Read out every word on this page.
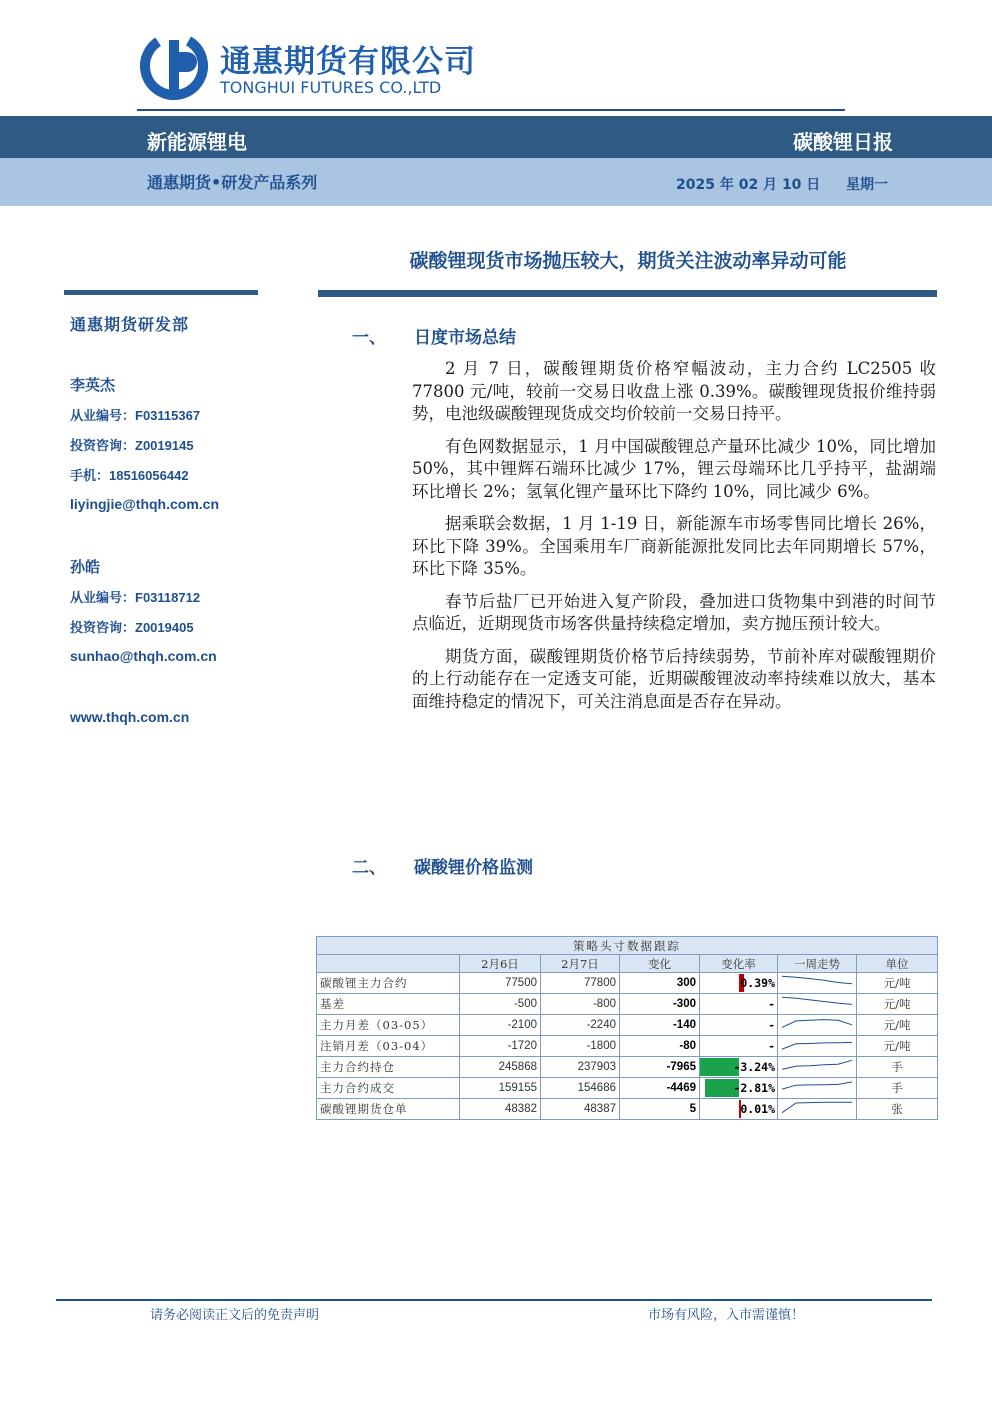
通惠期货有限公司
TONGHUI FUTURES CO.,LTD
新能源锂电	碳酸锂日报
通惠期货•研发产品系列	2025 年 02 月 10 日 星期一
碳酸锂现货市场抛压较大，期货关注波动率异动可能
通惠期货研发部
李英杰
从业编号：F03115367
投资咨询：Z0019145
手机：18516056442
liyingjie@thqh.com.cn
孙皓
从业编号：F03118712
投资咨询：Z0019405
sunhao@thqh.com.cn
www.thqh.com.cn
一、 日度市场总结

2 月 7 日，碳酸锂期货价格窄幅波动，主力合约 LC2505 收 77800 元/吨，较前一交易日收盘上涨 0.39%。碳酸锂现货报价维持弱势，电池级碳酸锂现货成交均价较前一交易日持平。

有色网数据显示，1 月中国碳酸锂总产量环比减少 10%，同比增加 50%，其中锂辉石端环比减少 17%，锂云母端环比几乎持平，盐湖端环比增长 2%；氢氧化锂产量环比下降约 10%，同比减少 6%。

据乘联会数据，1 月 1-19 日，新能源车市场零售同比增长 26%，环比下降 39%。全国乘用车厂商新能源批发同比去年同期增长 57%，环比下降 35%。

春节后盐厂已开始进入复产阶段，叠加进口货物集中到港的时间节点临近，近期现货市场客供量持续稳定增加，卖方抛压预计较大。

期货方面，碳酸锂期货价格节后持续弱势，节前补库对碳酸锂期价的上行动能存在一定透支可能，近期碳酸锂波动率持续难以放大，基本面维持稳定的情况下，可关注消息面是否存在异动。

二、 碳酸锂价格监测
策略头寸数据跟踪						
	2月6日	2月7日	变化	变化率	一周走势	单位
碳酸锂主力合约	77500	77800	300	0.39%		元/吨
基差	-500	-800	-300	-		元/吨
主力月差（03-05）	-2100	-2240	-140	-		元/吨
注销月差（03-04）	-1720	-1800	-80	-		元/吨
主力合约持仓	245868	237903	-7965	-3.24%		手
主力合约成交	159155	154686	-4469	-2.81%		手
碳酸锂期货仓单	48382	48387	5	0.01%		张
请务必阅读正文后的免责声明	市场有风险，入市需谨慎！
